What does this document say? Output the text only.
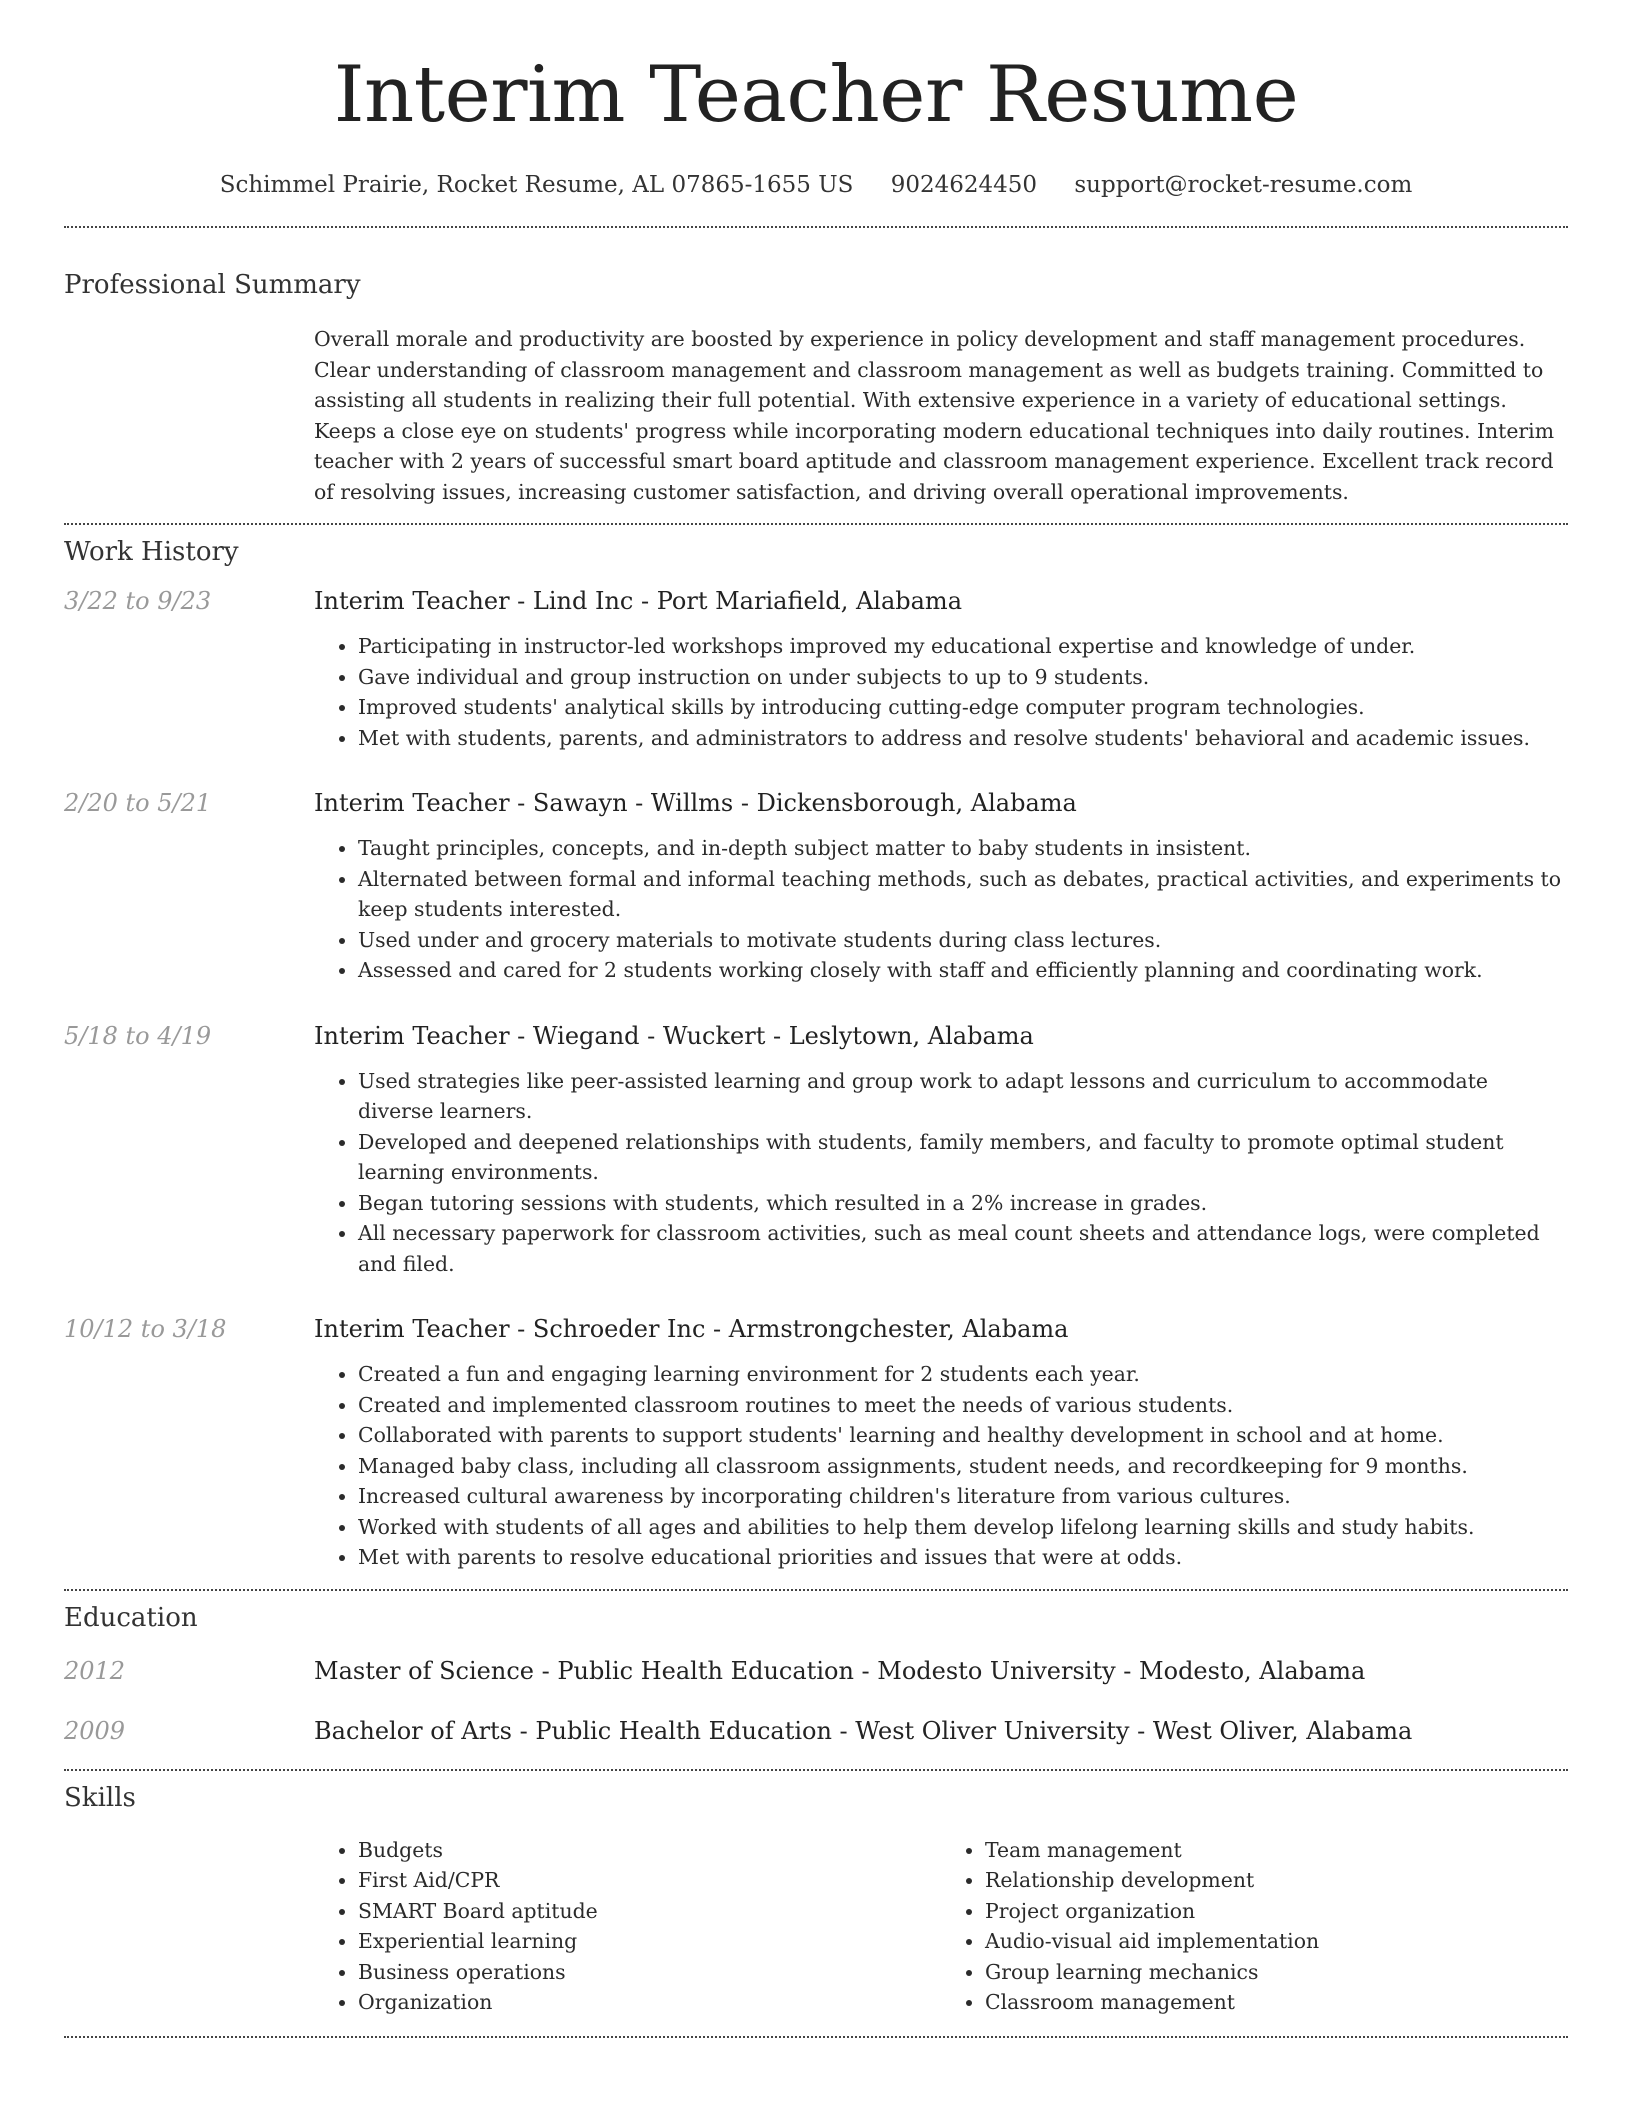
Interim Teacher Resume
Schimmel Prairie, Rocket Resume, AL 07865-1655 US 9024624450 support@rocket-resume.com
Professional Summary
Overall morale and productivity are boosted by experience in policy development and staff management procedures. Clear understanding of classroom management and classroom management as well as budgets training. Committed to assisting all students in realizing their full potential. With extensive experience in a variety of educational settings. Keeps a close eye on students' progress while incorporating modern educational techniques into daily routines. Interim teacher with 2 years of successful smart board aptitude and classroom management experience. Excellent track record of resolving issues, increasing customer satisfaction, and driving overall operational improvements.
Work History
3/22 to 9/23	Interim Teacher - Lind Inc - Port Mariafield, Alabama
• Participating in instructor-led workshops improved my educational expertise and knowledge of under.
• Gave individual and group instruction on under subjects to up to 9 students.
• Improved students' analytical skills by introducing cutting-edge computer program technologies.
• Met with students, parents, and administrators to address and resolve students' behavioral and academic issues.
2/20 to 5/21	Interim Teacher - Sawayn - Willms - Dickensborough, Alabama
• Taught principles, concepts, and in-depth subject matter to baby students in insistent.
• Alternated between formal and informal teaching methods, such as debates, practical activities, and experiments to keep students interested.
• Used under and grocery materials to motivate students during class lectures.
• Assessed and cared for 2 students working closely with staff and efficiently planning and coordinating work.
5/18 to 4/19	Interim Teacher - Wiegand - Wuckert - Leslytown, Alabama
• Used strategies like peer-assisted learning and group work to adapt lessons and curriculum to accommodate diverse learners.
• Developed and deepened relationships with students, family members, and faculty to promote optimal student learning environments.
• Began tutoring sessions with students, which resulted in a 2% increase in grades.
• All necessary paperwork for classroom activities, such as meal count sheets and attendance logs, were completed and filed.
10/12 to 3/18	Interim Teacher - Schroeder Inc - Armstrongchester, Alabama
• Created a fun and engaging learning environment for 2 students each year.
• Created and implemented classroom routines to meet the needs of various students.
• Collaborated with parents to support students' learning and healthy development in school and at home.
• Managed baby class, including all classroom assignments, student needs, and recordkeeping for 9 months.
• Increased cultural awareness by incorporating children's literature from various cultures.
• Worked with students of all ages and abilities to help them develop lifelong learning skills and study habits.
• Met with parents to resolve educational priorities and issues that were at odds.
Education
2012	Master of Science - Public Health Education - Modesto University - Modesto, Alabama
2009	Bachelor of Arts - Public Health Education - West Oliver University - West Oliver, Alabama
Skills
• Budgets
• First Aid/CPR
• SMART Board aptitude
• Experiential learning
• Business operations
• Organization
• Team management
• Relationship development
• Project organization
• Audio-visual aid implementation
• Group learning mechanics
• Classroom management
